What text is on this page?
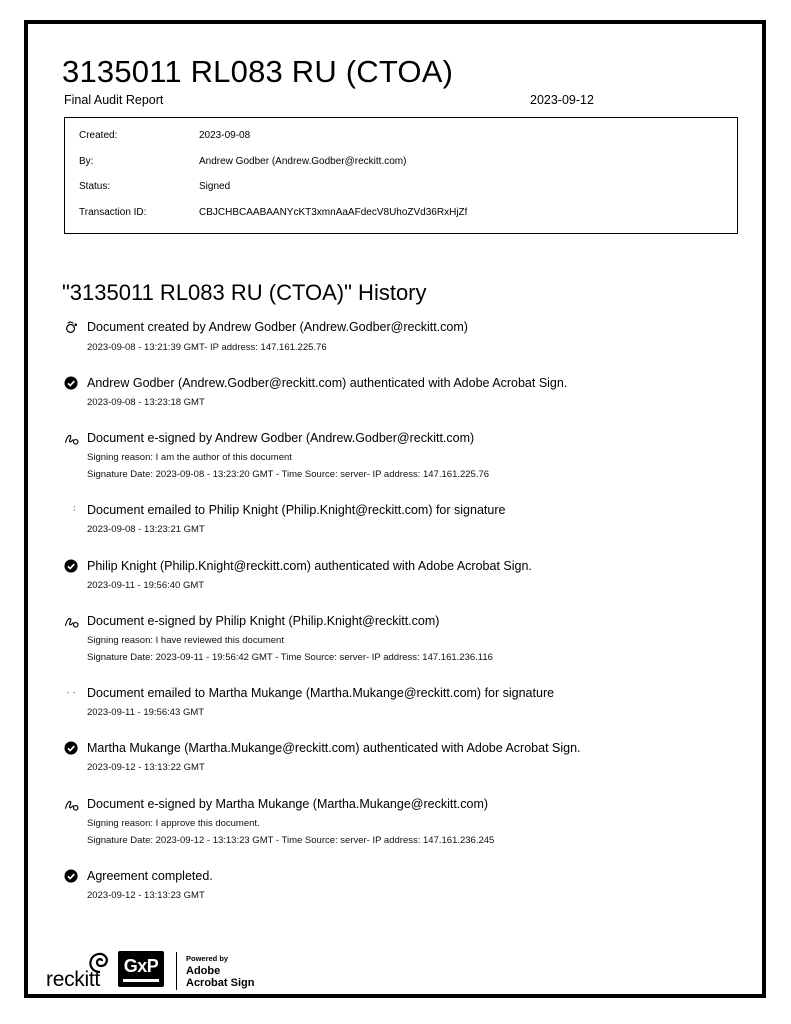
3135011 RL083 RU (CTOA)
Final Audit Report	2023-09-12
Created:	2023-09-08
By:	Andrew Godber (Andrew.Godber@reckitt.com)
Status:	Signed
Transaction ID:	CBJCHBCAABAANYcKT3xmnAaAFdecV8UhoZVd36RxHjZf
"3135011 RL083 RU (CTOA)" History
Document created by Andrew Godber (Andrew.Godber@reckitt.com)
2023-09-08 - 13:21:39 GMT- IP address: 147.161.225.76
Andrew Godber (Andrew.Godber@reckitt.com) authenticated with Adobe Acrobat Sign.
2023-09-08 - 13:23:18 GMT
Document e-signed by Andrew Godber (Andrew.Godber@reckitt.com)
Signing reason: I am the author of this document
Signature Date: 2023-09-08 - 13:23:20 GMT - Time Source: server- IP address: 147.161.225.76
Document emailed to Philip Knight (Philip.Knight@reckitt.com) for signature
2023-09-08 - 13:23:21 GMT
Philip Knight (Philip.Knight@reckitt.com) authenticated with Adobe Acrobat Sign.
2023-09-11 - 19:56:40 GMT
Document e-signed by Philip Knight (Philip.Knight@reckitt.com)
Signing reason: I have reviewed this document
Signature Date: 2023-09-11 - 19:56:42 GMT - Time Source: server- IP address: 147.161.236.116
Document emailed to Martha Mukange (Martha.Mukange@reckitt.com) for signature
2023-09-11 - 19:56:43 GMT
Martha Mukange (Martha.Mukange@reckitt.com) authenticated with Adobe Acrobat Sign.
2023-09-12 - 13:13:22 GMT
Document e-signed by Martha Mukange (Martha.Mukange@reckitt.com)
Signing reason: I approve this document.
Signature Date: 2023-09-12 - 13:13:23 GMT - Time Source: server- IP address: 147.161.236.245
Agreement completed.
2023-09-12 - 13:13:23 GMT
reckitt
GxP	Powered by
Adobe
Acrobat Sign
